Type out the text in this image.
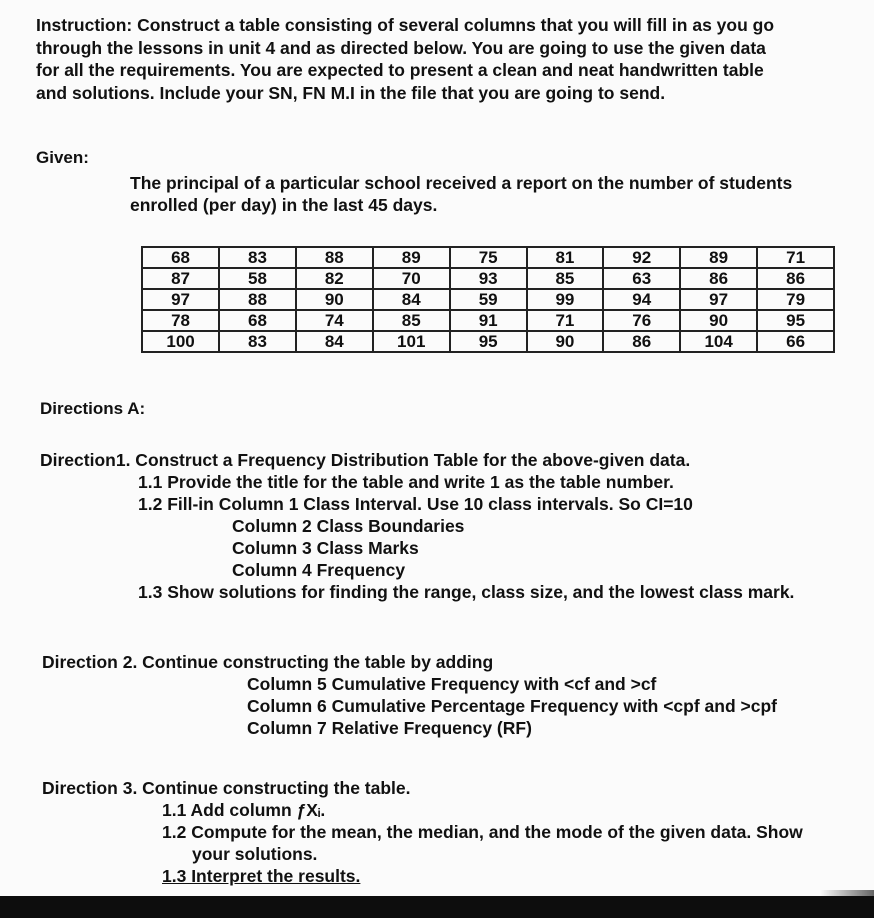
Instruction: Construct a table consisting of several columns that you will fill in as you go
through the lessons in unit 4 and as directed below. You are going to use the given data
for all the requirements. You are expected to present a clean and neat handwritten table
and solutions. Include your SN, FN M.I in the file that you are going to send.
Given:
The principal of a particular school received a report on the number of students
enrolled (per day) in the last 45 days.
68	83	88	89	75	81	92	89	71
87	58	82	70	93	85	63	86	86
97	88	90	84	59	99	94	97	79
78	68	74	85	91	71	76	90	95
100	83	84	101	95	90	86	104	66
Directions A:
Direction1. Construct a Frequency Distribution Table for the above-given data.
1.1 Provide the title for the table and write 1 as the table number.
1.2 Fill-in Column 1 Class Interval. Use 10 class intervals. So CI=10
Column 2 Class Boundaries
Column 3 Class Marks
Column 4 Frequency
1.3 Show solutions for finding the range, class size, and the lowest class mark.
Direction 2. Continue constructing the table by adding
Column 5 Cumulative Frequency with <cf and >cf
Column 6 Cumulative Percentage Frequency with <cpf and >cpf
Column 7 Relative Frequency (RF)
Direction 3. Continue constructing the table.
1.1 Add column ƒXᵢ.
1.2 Compute for the mean, the median, and the mode of the given data. Show
your solutions.
1.3 Interpret the results.
